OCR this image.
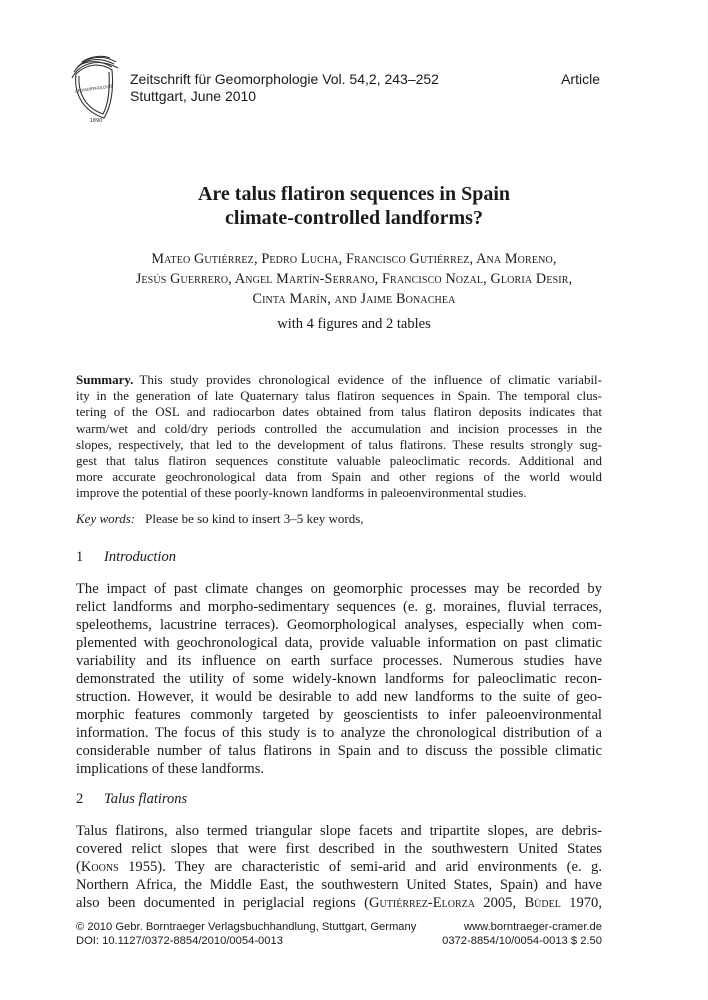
GEOMORPHOLOGIE
1890
Zeitschrift für Geomorphologie Vol. 54,2, 243–252
Stuttgart, June 2010
Article
Are talus flatiron sequences in Spain
climate-controlled landforms?
Mateo Gutiérrez, Pedro Lucha, Francisco Gutiérrez, Ana Moreno,
Jesús Guerrero, Angel Martín-Serrano, Francisco Nozal, Gloria Desir,
Cinta Marín, and Jaime Bonachea
with 4 figures and 2 tables
Summary. This study provides chronological evidence of the influence of climatic variabil-
ity in the generation of late Quaternary talus flatiron sequences in Spain. The temporal clus-
tering of the OSL and radiocarbon dates obtained from talus flatiron deposits indicates that
warm/wet and cold/dry periods controlled the accumulation and incision processes in the
slopes, respectively, that led to the development of talus flatirons. These results strongly sug-
gest that talus flatiron sequences constitute valuable paleoclimatic records. Additional and
more accurate geochronological data from Spain and other regions of the world would
improve the potential of these poorly-known landforms in paleoenvironmental studies.
Key words: Please be so kind to insert 3–5 key words,
1 Introduction
The impact of past climate changes on geomorphic processes may be recorded by
relict landforms and morpho-sedimentary sequences (e. g. moraines, fluvial terraces,
speleothems, lacustrine terraces). Geomorphological analyses, especially when com-
plemented with geochronological data, provide valuable information on past climatic
variability and its influence on earth surface processes. Numerous studies have
demonstrated the utility of some widely-known landforms for paleoclimatic recon-
struction. However, it would be desirable to add new landforms to the suite of geo-
morphic features commonly targeted by geoscientists to infer paleoenvironmental
information. The focus of this study is to analyze the chronological distribution of a
considerable number of talus flatirons in Spain and to discuss the possible climatic
implications of these landforms.
2 Talus flatirons
Talus flatirons, also termed triangular slope facets and tripartite slopes, are debris-
covered relict slopes that were first described in the southwestern United States
(Koons 1955). They are characteristic of semi-arid and arid environments (e. g.
Northern Africa, the Middle East, the southwestern United States, Spain) and have
also been documented in periglacial regions (Gutiérrez-Elorza 2005, Büdel 1970,
© 2010 Gebr. Borntraeger Verlagsbuchhandlung, Stuttgart, Germany
DOI: 10.1127/0372-8854/2010/0054-0013
www.borntraeger-cramer.de
0372-8854/10/0054-0013 $ 2.50
